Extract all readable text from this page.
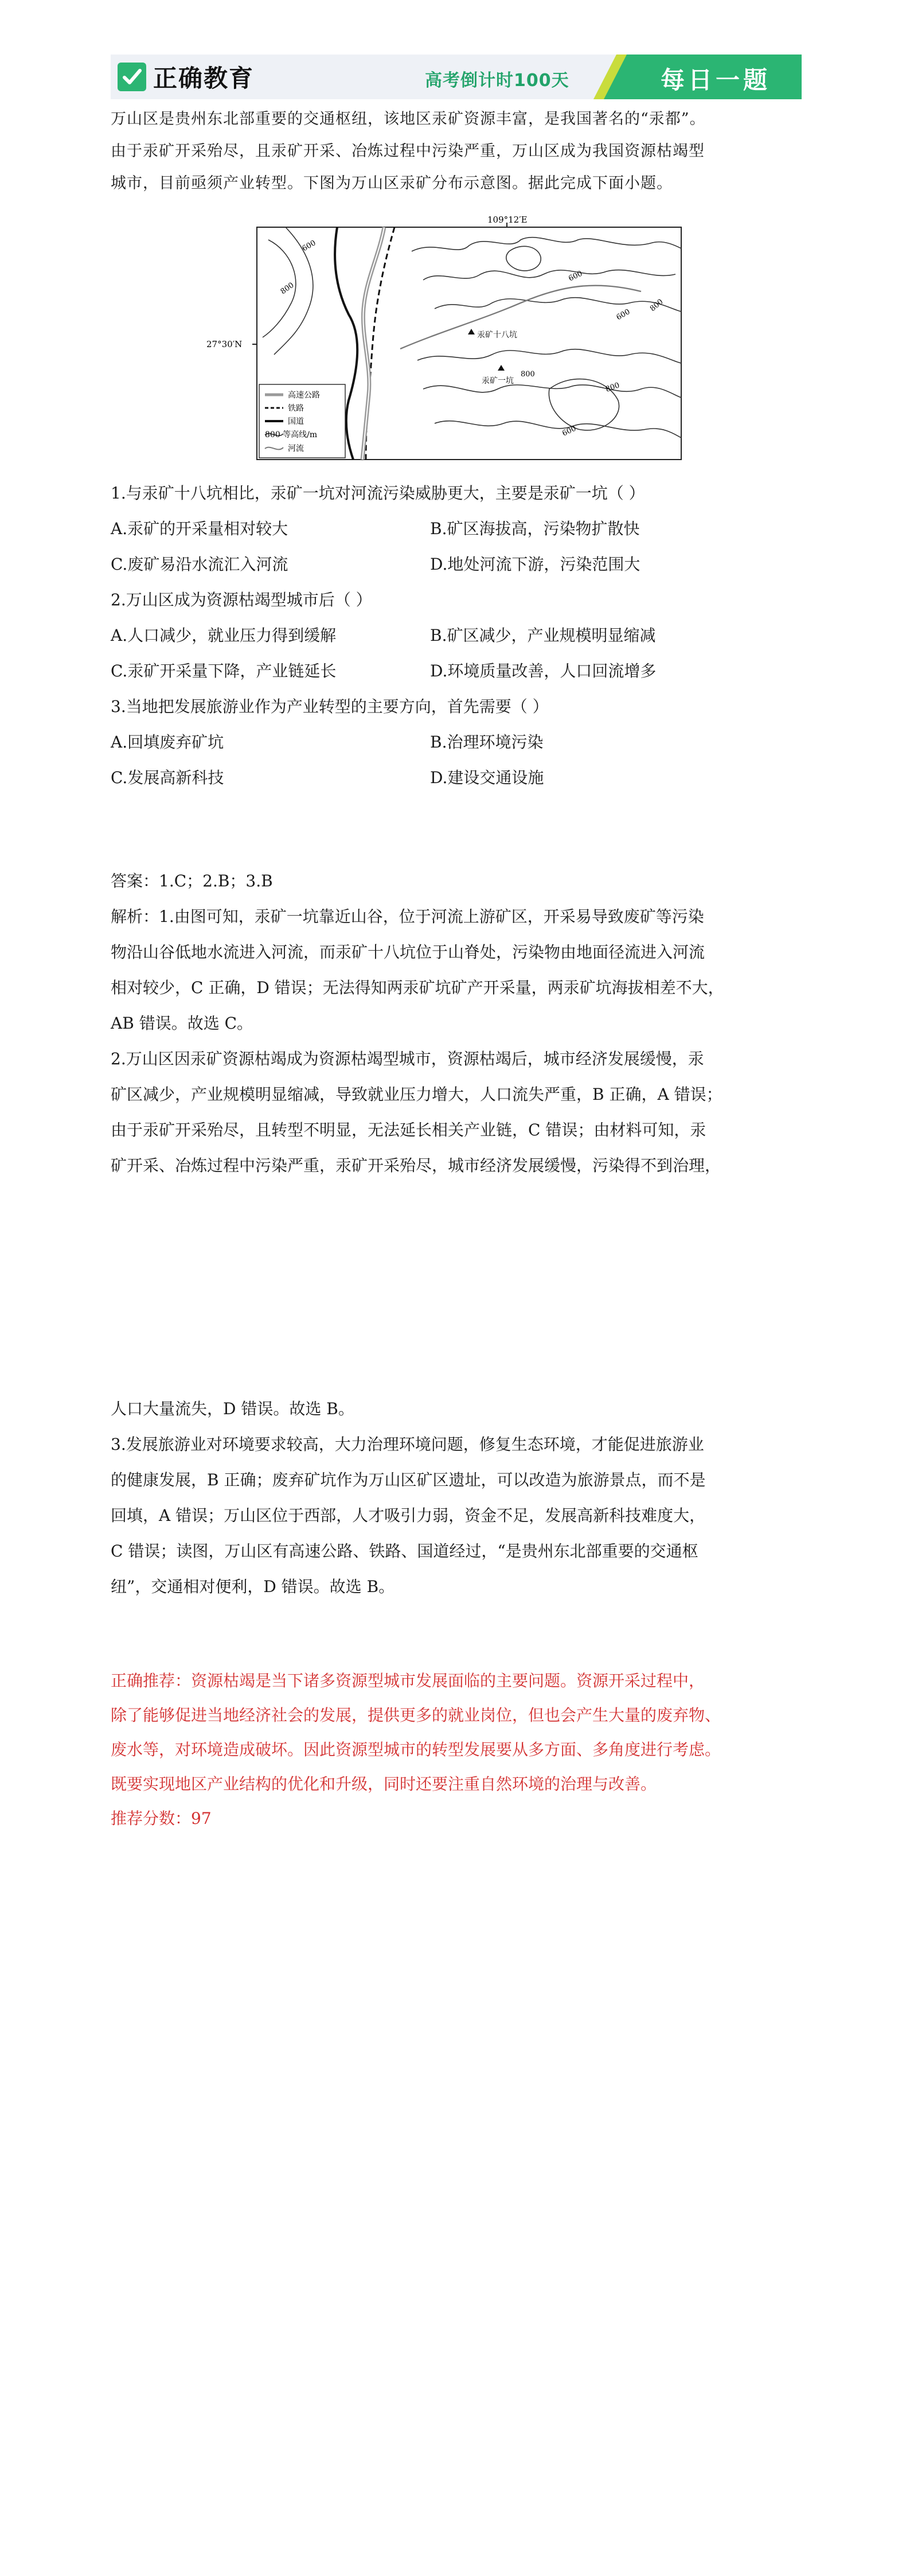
正确教育	高考倒计时100天	每日一题

万山区是贵州东北部重要的交通枢纽，该地区汞矿资源丰富，是我国著名的“汞都”。

由于汞矿开采殆尽，且汞矿开采、冶炼过程中污染严重，万山区成为我国资源枯竭型

城市，目前亟须产业转型。下图为万山区汞矿分布示意图。据此完成下面小题。

109°12′E
27°30′N
600
800
600
600
800
800
800
600
汞矿十八坑
汞矿一坑
高速公路
铁路
国道
800 等高线/m
河流
1.与汞矿十八坑相比，汞矿一坑对河流污染威胁更大，主要是汞矿一坑（ ）
A.汞矿的开采量相对较大	B.矿区海拔高，污染物扩散快
C.废矿易沿水流汇入河流	D.地处河流下游，污染范围大
2.万山区成为资源枯竭型城市后（ ）
A.人口减少，就业压力得到缓解	B.矿区减少，产业规模明显缩减
C.汞矿开采量下降，产业链延长	D.环境质量改善，人口回流增多
3.当地把发展旅游业作为产业转型的主要方向，首先需要（ ）
A.回填废弃矿坑	B.治理环境污染
C.发展高新科技	D.建设交通设施
答案：1.C；2.B；3.B

解析：1.由图可知，汞矿一坑靠近山谷，位于河流上游矿区，开采易导致废矿等污染

物沿山谷低地水流进入河流，而汞矿十八坑位于山脊处，污染物由地面径流进入河流

相对较少，C 正确，D 错误；无法得知两汞矿坑矿产开采量，两汞矿坑海拔相差不大，

AB 错误。故选 C。

2.万山区因汞矿资源枯竭成为资源枯竭型城市，资源枯竭后，城市经济发展缓慢，汞

矿区减少，产业规模明显缩减，导致就业压力增大，人口流失严重，B 正确，A 错误；

由于汞矿开采殆尽，且转型不明显，无法延长相关产业链，C 错误；由材料可知，汞

矿开采、冶炼过程中污染严重，汞矿开采殆尽，城市经济发展缓慢，污染得不到治理，

人口大量流失，D 错误。故选 B。

3.发展旅游业对环境要求较高，大力治理环境问题，修复生态环境，才能促进旅游业

的健康发展，B 正确；废弃矿坑作为万山区矿区遗址，可以改造为旅游景点，而不是

回填，A 错误；万山区位于西部，人才吸引力弱，资金不足，发展高新科技难度大，

C 错误；读图，万山区有高速公路、铁路、国道经过，“是贵州东北部重要的交通枢

纽”，交通相对便利，D 错误。故选 B。

正确推荐：资源枯竭是当下诸多资源型城市发展面临的主要问题。资源开采过程中，

除了能够促进当地经济社会的发展，提供更多的就业岗位，但也会产生大量的废弃物、

废水等，对环境造成破坏。因此资源型城市的转型发展要从多方面、多角度进行考虑。

既要实现地区产业结构的优化和升级，同时还要注重自然环境的治理与改善。

推荐分数：97
